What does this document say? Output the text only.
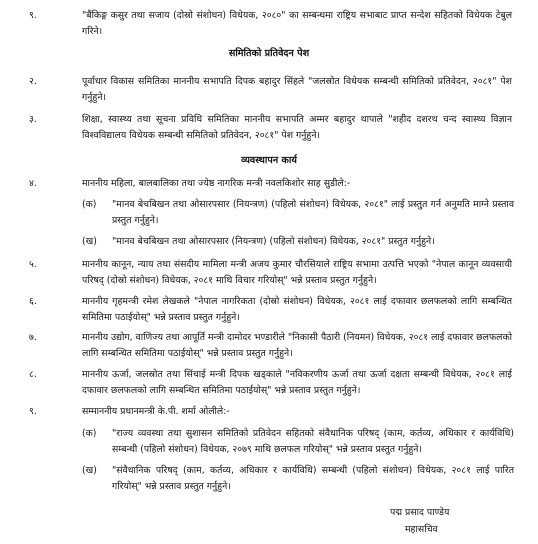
९.	"बैंकिङ्ग कसुर तथा सजाय (दोस्रो संशोधन) विधेयक, २०८०" का सम्बन्धमा राष्ट्रिय सभाबाट प्राप्त सन्देश सहितको विधेयक टेबुल गरिने।
समितिको प्रतिवेदन पेश
२.	पूर्वाधार विकास समितिका माननीय सभापति दिपक बहादुर सिंहले "जलस्रोत विधेयक सम्बन्धी समितिको प्रतिवेदन, २०८१" पेश गर्नुहुने।
३.	शिक्षा, स्वास्थ्य तथा सूचना प्रविधि समितिका माननीय सभापति अम्मर बहादुर थापाले "शहीद दशरथ चन्द स्वास्थ्य विज्ञान विश्वविद्यालय विधेयक सम्बन्धी समितिको प्रतिवेदन, २०८१" पेश गर्नुहुने।
व्यवस्थापन कार्य
४.	माननीय महिला, बालबालिका तथा ज्येष्ठ नागरिक मन्त्री नवलकिशोर साह सुडीले:-
(क) "मानव बेचबिखन तथा ओसारपसार (नियन्त्रण) (पहिलो संशोधन) विधेयक, २०८१" लाई प्रस्तुत गर्न अनुमति माग्ने प्रस्ताव प्रस्तुत गर्नुहुने।
(ख) "मानव बेचबिखन तथा ओसारपसार (नियन्त्रण) (पहिलो संशोधन) विधेयक, २०८१" प्रस्तुत गर्नुहुने।
५.	माननीय कानून, न्याय तथा संसदीय मामिला मन्त्री अजय कुमार चौरसियाले राष्ट्रिय सभामा उत्पत्ति भएको "नेपाल कानून व्यवसायी परिषद् (दोस्रो संशोधन) विधेयक, २०८१ माथि विचार गरियोस्" भन्ने प्रस्ताव प्रस्तुत गर्नुहुने।
६.	माननीय गृहमन्त्री रमेश लेखकले "नेपाल नागरिकता (दोस्रो संशोधन) विधेयक, २०८१ लाई दफावार छलफलको लागि सम्बन्धित समितिमा पठाईयोस्" भन्ने प्रस्ताव प्रस्तुत गर्नुहुने।
७.	माननीय उद्योग, वाणिज्य तथा आपूर्ति मन्त्री दामोदर भण्डारीले "निकासी पैठारी (नियमन) विधेयक, २०८१ लाई दफावार छलफलको लागि सम्बन्धित समितिमा पठाईयोस्" भन्ने प्रस्ताव प्रस्तुत गर्नुहुने।
८.	माननीय ऊर्जा, जलस्रोत तथा सिंचाई मन्त्री दिपक खड्काले "नविकरणीय ऊर्जा तथा ऊर्जा दक्षता सम्बन्धी विधेयक, २०८१ लाई दफावार छलफलको लागि सम्बन्धित समितिमा पठाईयोस्" भन्ने प्रस्ताव प्रस्तुत गर्नुहुने।
९.	सम्माननीय प्रधानमन्त्री के.पी. शर्मा ओलीले:-
(क) "राज्य व्यवस्था तथा सुशासन समितिको प्रतिवेदन सहितको संवैधानिक परिषद् (काम, कर्तव्य, अधिकार र कार्यविधि) सम्बन्धी (पहिलो संशोधन) विधेयक, २०७९ माथि छलफल गरियोस्" भन्ने प्रस्ताव प्रस्तुत गर्नुहुने।
(ख) "संवैधानिक परिषद् (काम, कर्तव्य, अधिकार र कार्यविधि) सम्बन्धी (पहिलो संशोधन) विधेयक, २०८१ लाई पारित गरियोस्" भन्ने प्रस्ताव प्रस्तुत गर्नुहुने।
पद्म प्रसाद पाण्डेय
महासचिव
